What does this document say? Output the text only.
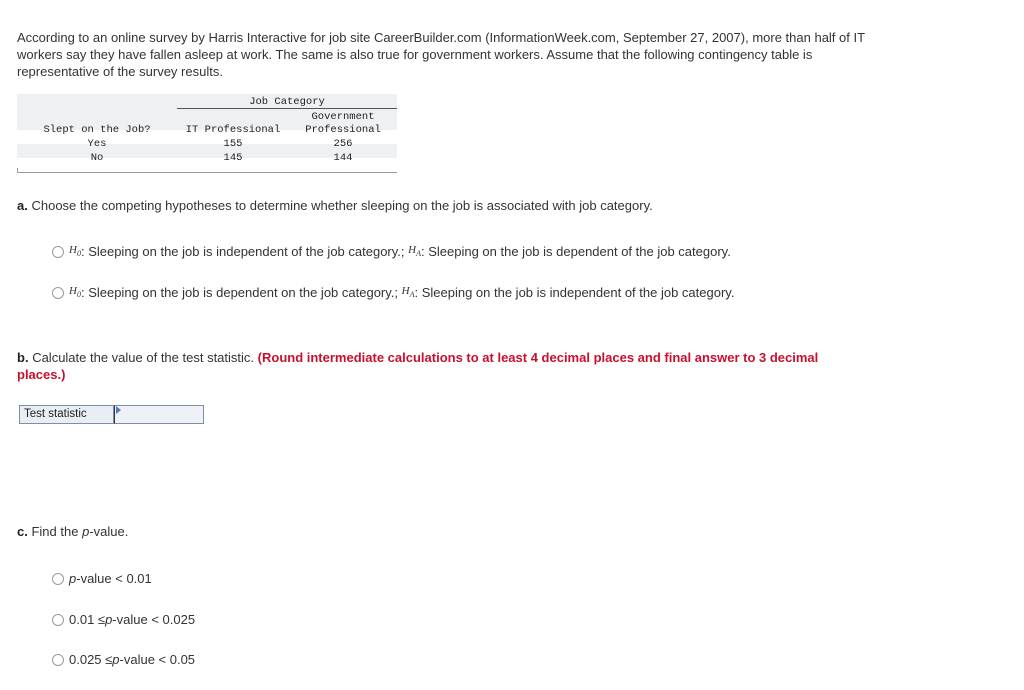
According to an online survey by Harris Interactive for job site CareerBuilder.com (InformationWeek.com, September 27, 2007), more than half of IT workers say they have fallen asleep at work. The same is also true for government workers. Assume that the following contingency table is representative of the survey results.
Job Category
Government
Slept on the Job?	IT Professional	Professional
Yes	155	256
No	145	144
a. Choose the competing hypotheses to determine whether sleeping on the job is associated with job category.
$H_0$ : Sleeping on the job is independent of the job category.;
$H_A$ : Sleeping on the job is dependent of the job category.
$H_0$ : Sleeping on the job is dependent on the job category.;
$H_A$ : Sleeping on the job is independent of the job category.
b. Calculate the value of the test statistic. (Round intermediate calculations to at least 4 decimal places and final answer to 3 decimal places.)
Test statistic
c. Find the p-value.
p -value < 0.01
0.01 ≤ p -value < 0.025
0.025 ≤ p -value < 0.05
